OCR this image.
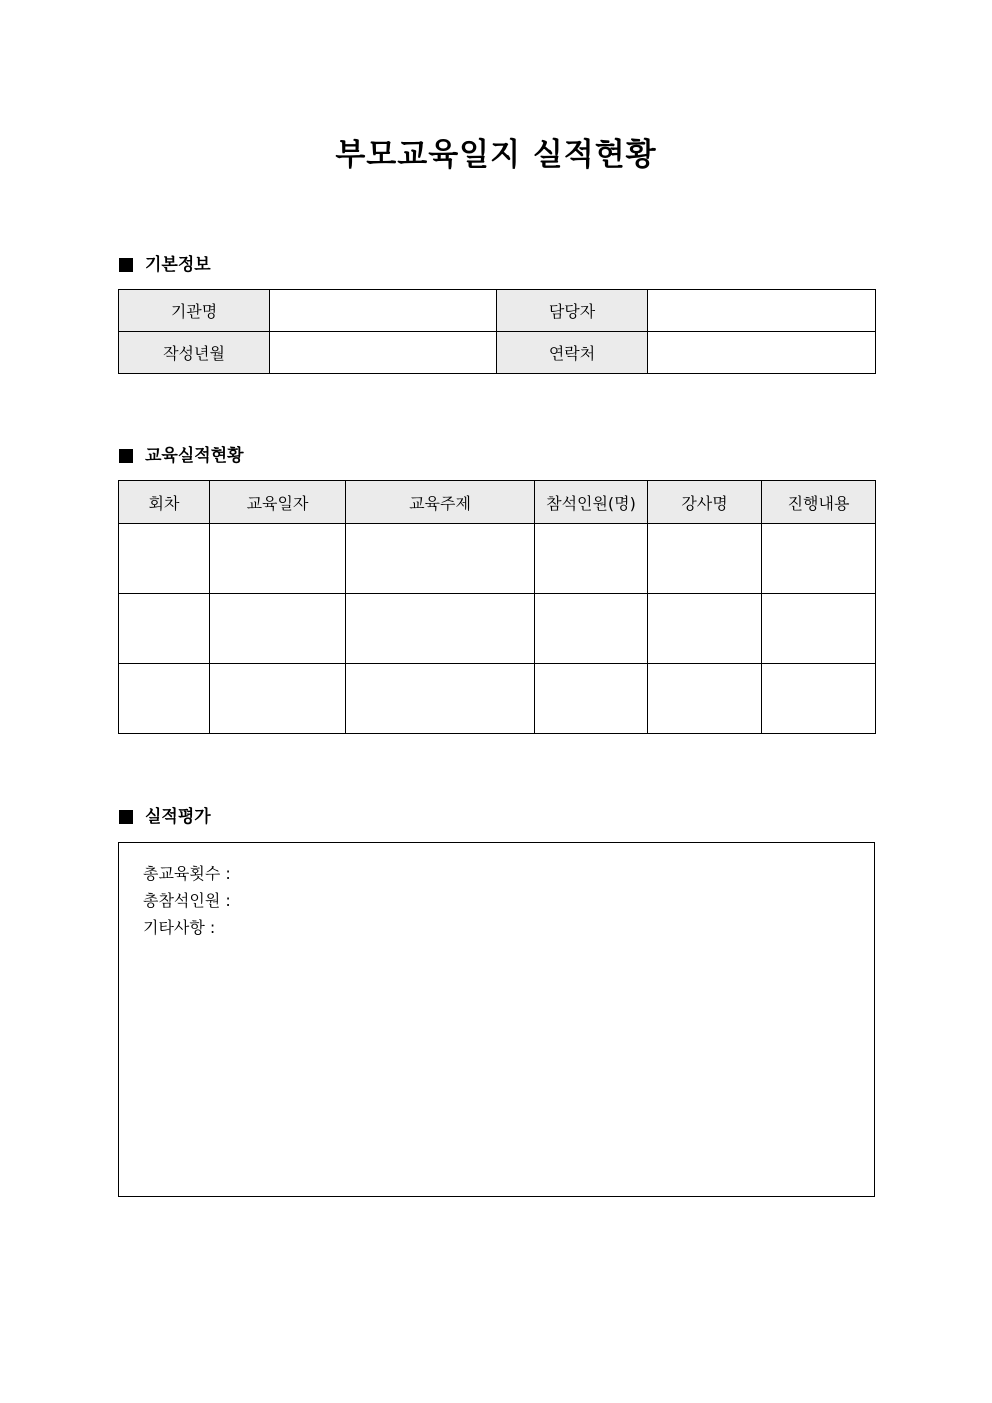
부모교육일지 실적현황
기본정보
기관명		담당자	
작성년월		연락처	
교육실적현황
회차	교육일자	교육주제	참석인원(명)	강사명	진행내용

실적평가
총교육횟수 :
총참석인원 :
기타사항 :
